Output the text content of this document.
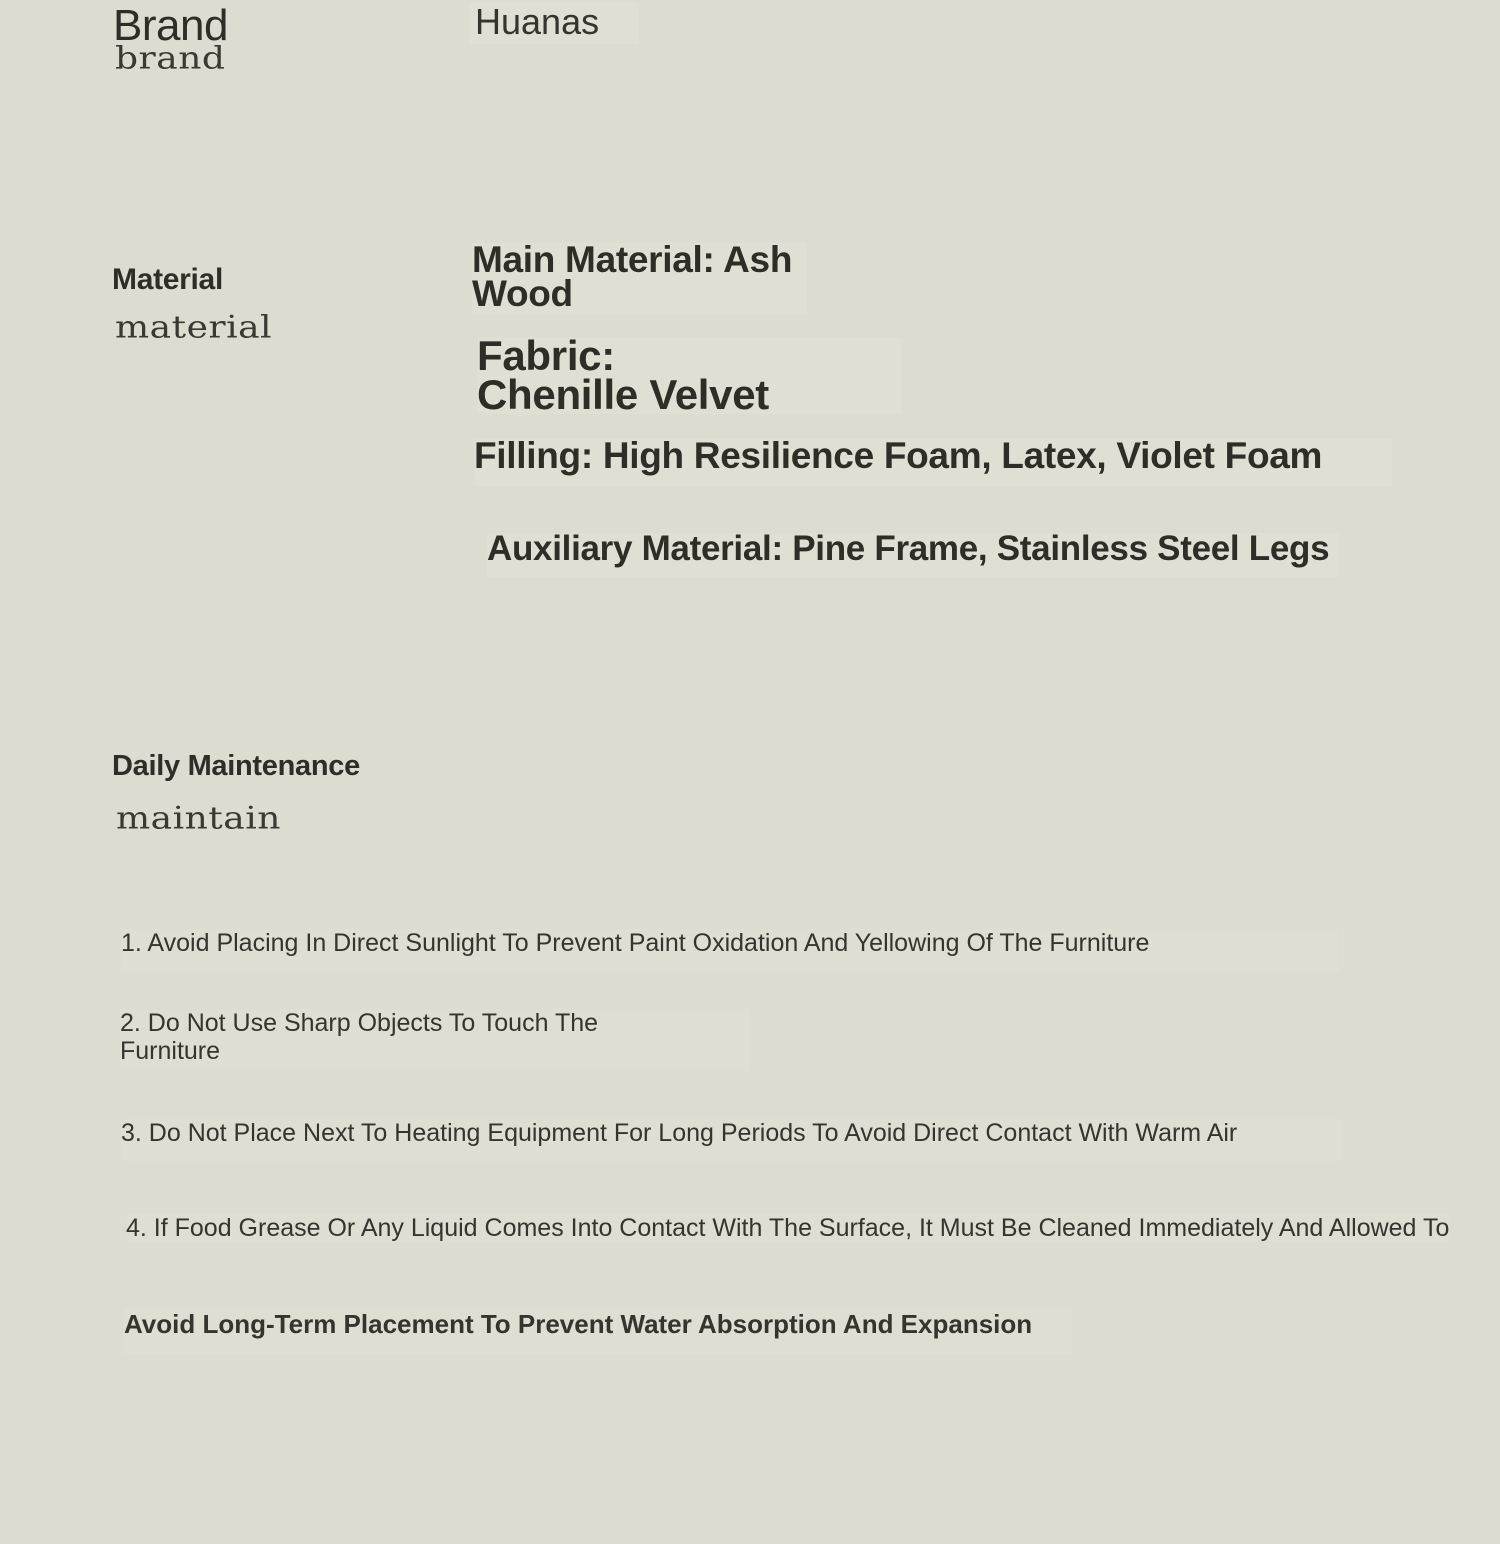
Brand
brand
Huanas
Material
material
Main Material: Ash Wood
Fabric: Chenille Velvet
Filling: High Resilience Foam, Latex, Violet Foam
Auxiliary Material: Pine Frame, Stainless Steel Legs
Daily Maintenance
maintain
1. Avoid Placing In Direct Sunlight To Prevent Paint Oxidation And Yellowing Of The Furniture
2. Do Not Use Sharp Objects To Touch The Furniture
3. Do Not Place Next To Heating Equipment For Long Periods To Avoid Direct Contact With Warm Air
4. If Food Grease Or Any Liquid Comes Into Contact With The Surface, It Must Be Cleaned Immediately And Allowed To
Avoid Long-Term Placement To Prevent Water Absorption And Expansion
